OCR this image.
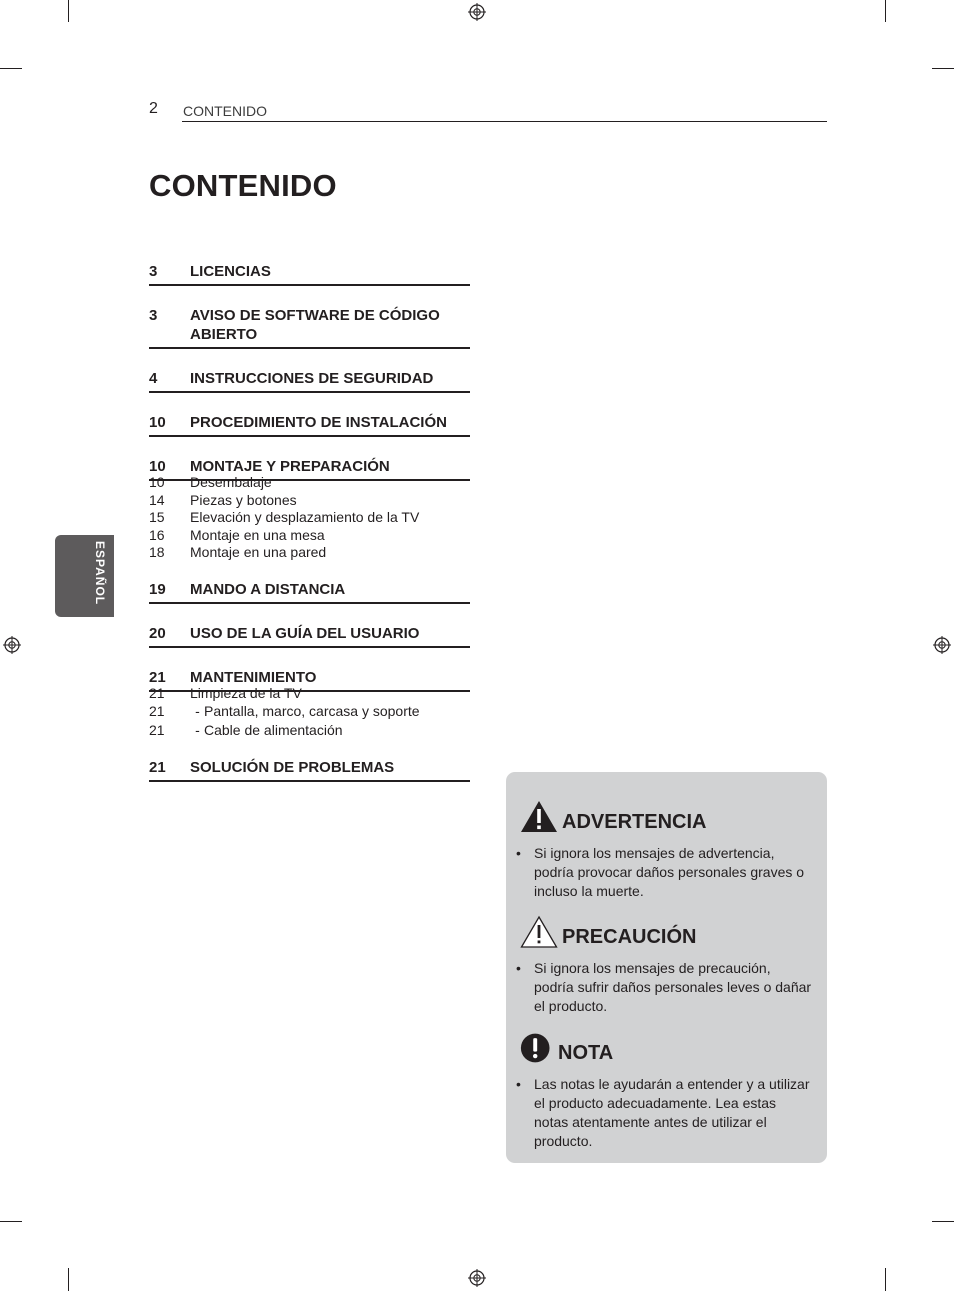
2 CONTENIDO
CONTENIDO
3	LICENCIAS
3	AVISO DE SOFTWARE DE CÓDIGO ABIERTO
4	INSTRUCCIONES DE SEGURIDAD
10	PROCEDIMIENTO DE INSTALACIÓN
10	MONTAJE Y PREPARACIÓN
10	Desembalaje
14	Piezas y botones
15	Elevación y desplazamiento de la TV
16	Montaje en una mesa
18	Montaje en una pared
19	MANDO A DISTANCIA
20	USO DE LA GUÍA DEL USUARIO
21	MANTENIMIENTO
21	Limpieza de la TV
21	- Pantalla, marco, carcasa y soporte
21	- Cable de alimentación
21	SOLUCIÓN DE PROBLEMAS
ESPAÑOL
ADVERTENCIA

• Si ignora los mensajes de advertencia, podría provocar daños personales graves o incluso la muerte.

PRECAUCIÓN

• Si ignora los mensajes de precaución, podría sufrir daños personales leves o dañar el producto.

NOTA

• Las notas le ayudarán a entender y a utilizar el producto adecuadamente. Lea estas notas atentamente antes de utilizar el producto.
